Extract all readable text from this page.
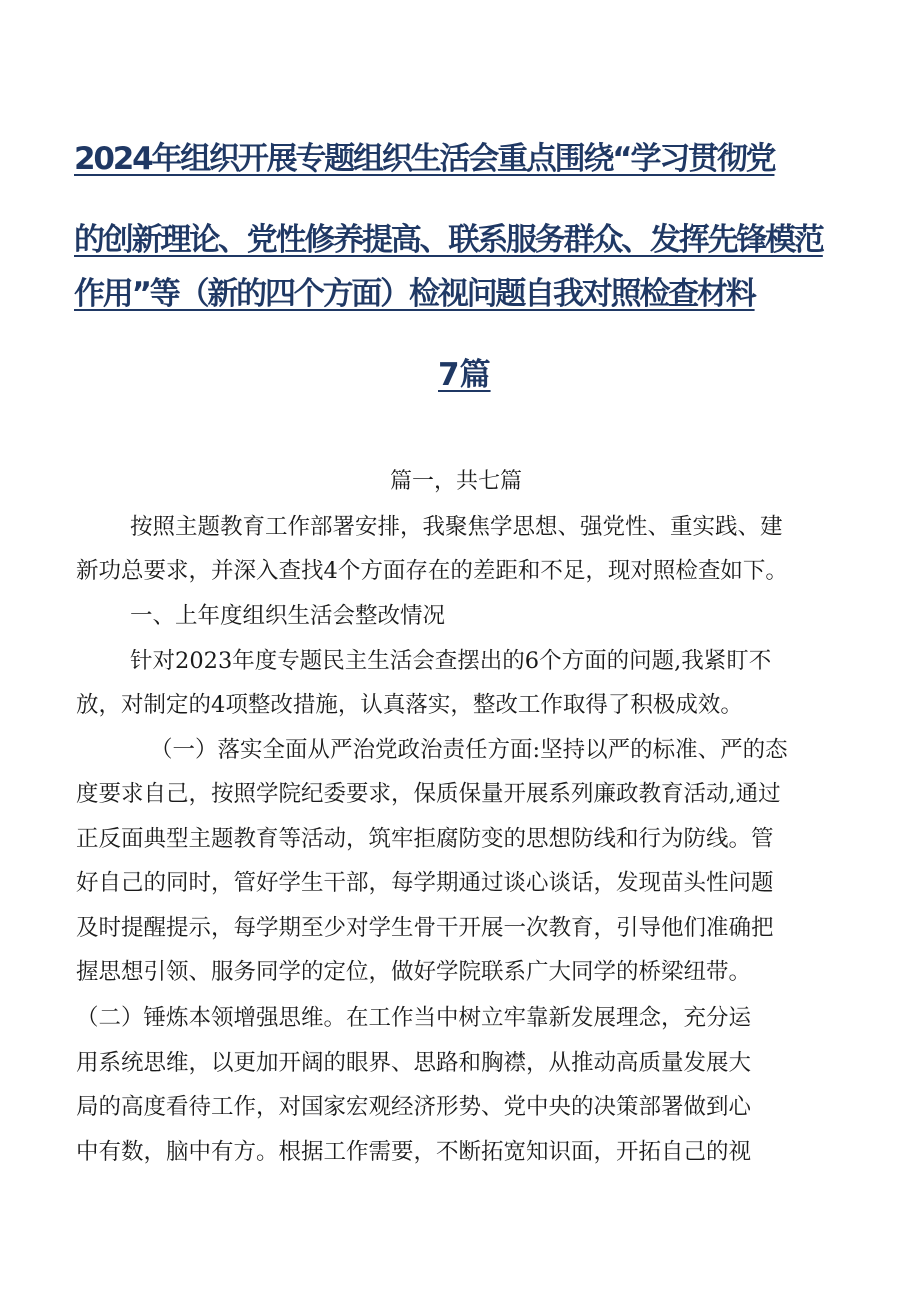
2024年组织开展专题组织生活会重点围绕“学习贯彻党
的创新理论、党性修养提高、联系服务群众、发挥先锋模范
作用”等（新的四个方面）检视问题自我对照检查材料
7篇
篇一，共七篇
按照主题教育工作部署安排，我聚焦学思想、强党性、重实践、建
新功总要求，并深入查找4个方面存在的差距和不足，现对照检查如下。
一、上年度组织生活会整改情况
针对2023年度专题民主生活会查摆出的6个方面的问题,我紧盯不
放，对制定的4项整改措施，认真落实，整改工作取得了积极成效。
（一）落实全面从严治党政治责任方面:坚持以严的标准、严的态
度要求自己，按照学院纪委要求，保质保量开展系列廉政教育活动,通过
正反面典型主题教育等活动，筑牢拒腐防变的思想防线和行为防线。管
好自己的同时，管好学生干部，每学期通过谈心谈话，发现苗头性问题
及时提醒提示，每学期至少对学生骨干开展一次教育，引导他们准确把
握思想引领、服务同学的定位，做好学院联系广大同学的桥梁纽带。
（二）锤炼本领增强思维。在工作当中树立牢靠新发展理念，充分运
用系统思维，以更加开阔的眼界、思路和胸襟，从推动高质量发展大
局的高度看待工作，对国家宏观经济形势、党中央的决策部署做到心
中有数，脑中有方。根据工作需要，不断拓宽知识面，开拓自己的视
